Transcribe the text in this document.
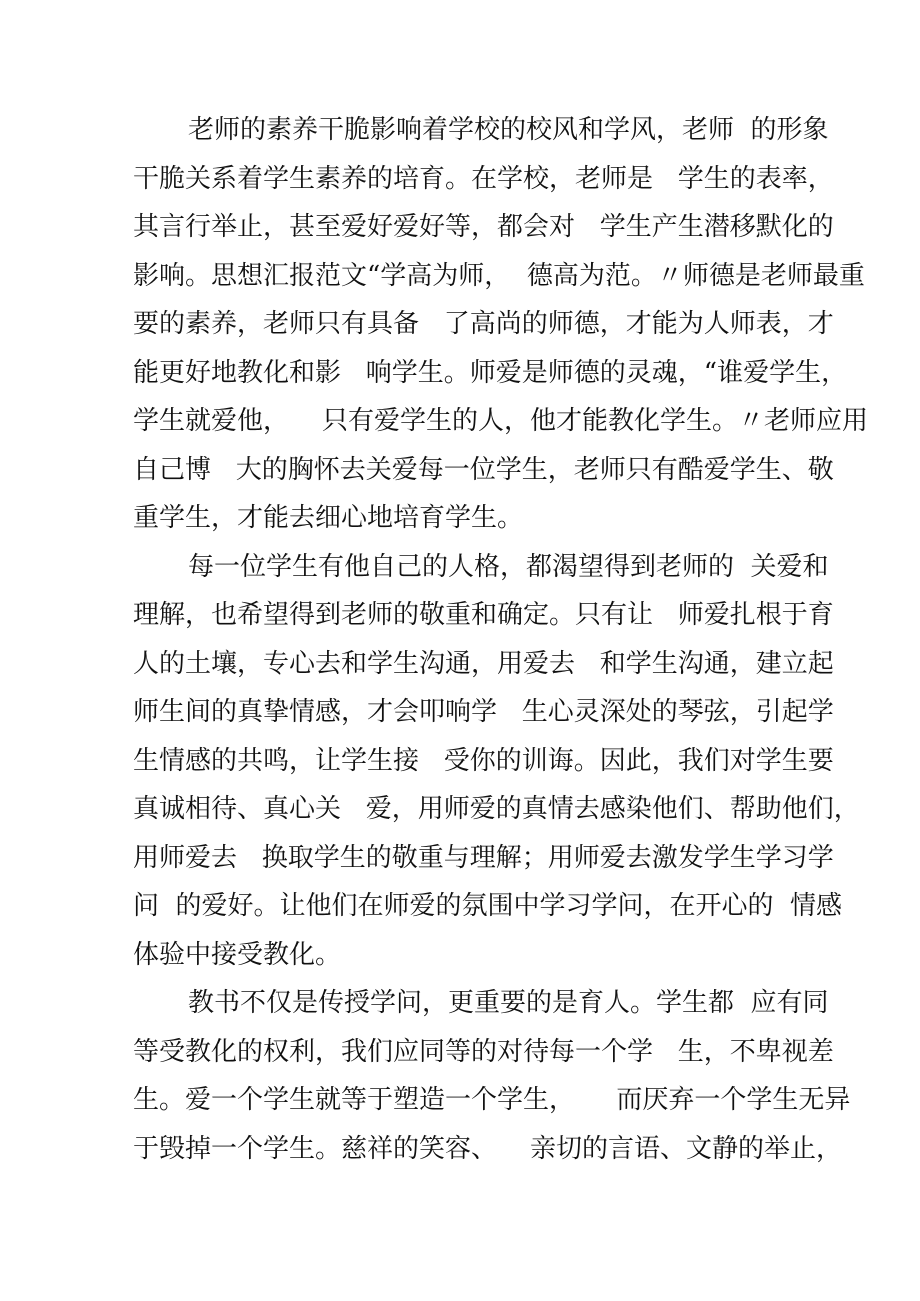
老师的素养干脆影响着学校的校风和学风，老师  的形象
干脆关系着学生素养的培育。在学校，老师是   学生的表率，
其言行举止，甚至爱好爱好等，都会对   学生产生潜移默化的
影响。思想汇报范文“学高为师，  德高为范。〃师德是老师最重
要的素养，老师只有具备   了高尚的师德，才能为人师表，才
能更好地教化和影   响学生。师爱是师德的灵魂，“谁爱学生，
学生就爱他，    只有爱学生的人，他才能教化学生。〃老师应用
自己博   大的胸怀去关爱每一位学生，老师只有酷爱学生、敬
重学生，才能去细心地培育学生。
每一位学生有他自己的人格，都渴望得到老师的  关爱和
理解，也希望得到老师的敬重和确定。只有让   师爱扎根于育
人的土壤，专心去和学生沟通，用爱去   和学生沟通，建立起
师生间的真挚情感，才会叩响学   生心灵深处的琴弦，引起学
生情感的共鸣，让学生接   受你的训诲。因此，我们对学生要
真诚相待、真心关   爱，用师爱的真情去感染他们、帮助他们，
用师爱去   换取学生的敬重与理解；用师爱去激发学生学习学
问  的爱好。让他们在师爱的氛围中学习学问，在开心的  情感
体验中接受教化。
教书不仅是传授学问，更重要的是育人。学生都  应有同
等受教化的权利，我们应同等的对待每一个学   生，不卑视差
生。爱一个学生就等于塑造一个学生，     而厌弃一个学生无异
于毁掉一个学生。慈祥的笑容、    亲切的言语、文静的举止，
